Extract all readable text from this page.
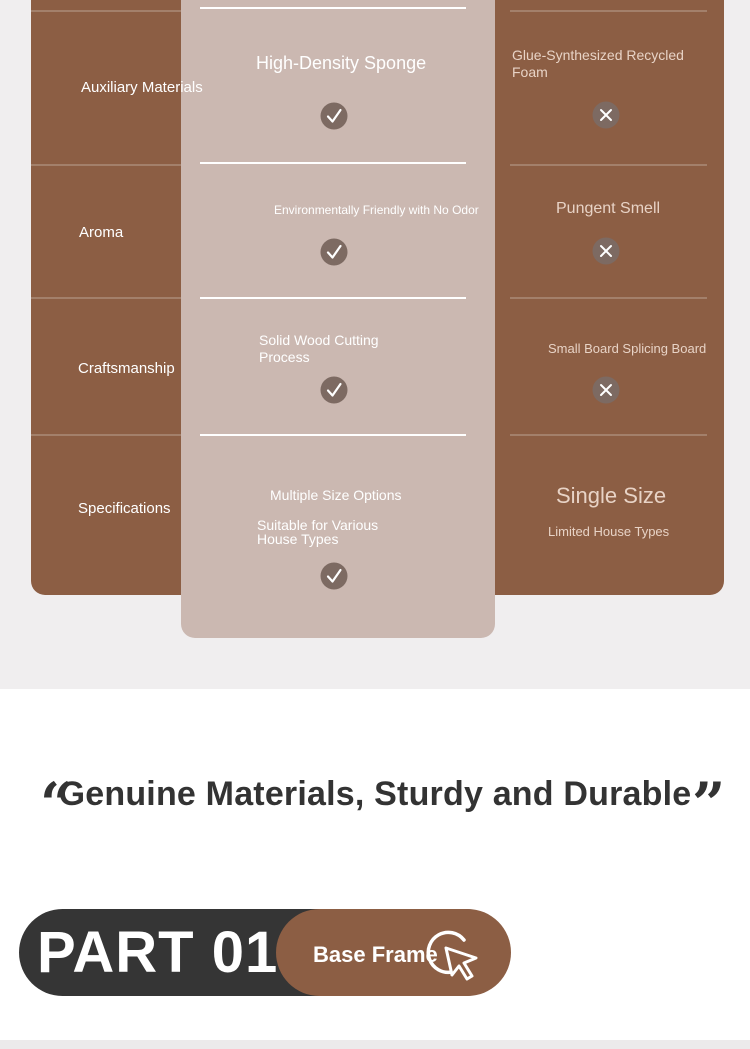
Auxiliary Materials
High-Density Sponge	Glue-Synthesized Recycled
Foam
Aroma
Environmentally Friendly with No Odor	Pungent Smell
Craftsmanship
Solid Wood Cutting
Process
Small Board Splicing Board
Specifications
Multiple Size Options
Suitable for Various
House Types
Single Size
Limited House Types
“
Genuine Materials, Sturdy and Durable ”
PART 01 Base Frame
